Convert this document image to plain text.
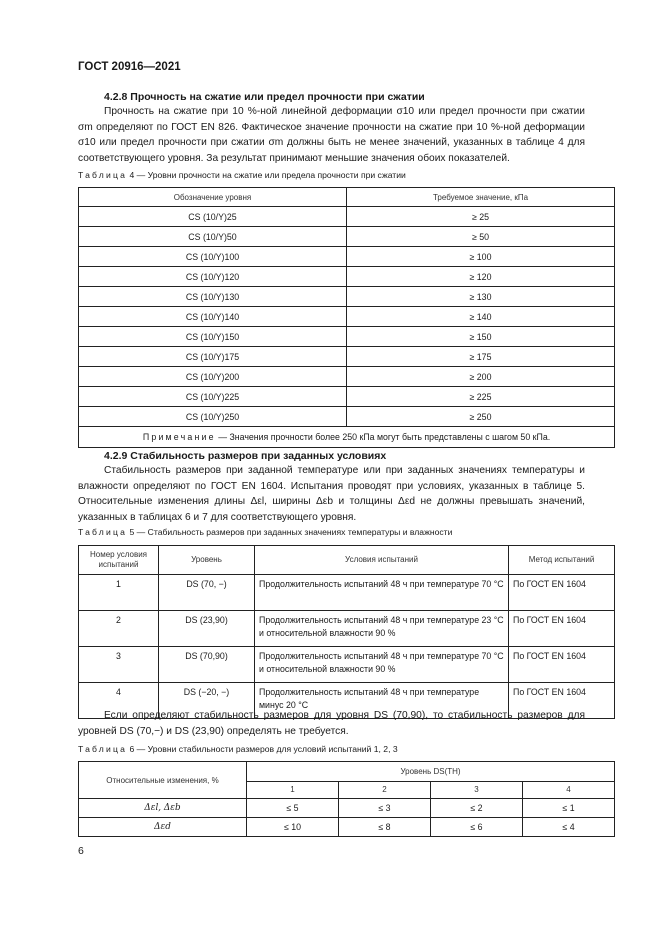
ГОСТ 20916—2021
4.2.8 Прочность на сжатие или предел прочности при сжатии
Прочность на сжатие при 10 %-ной линейной деформации σ10 или предел прочности при сжатии σm определяют по ГОСТ EN 826. Фактическое значение прочности на сжатие при 10 %-ной деформации σ10 или предел прочности при сжатии σm должны быть не менее значений, указанных в таблице 4 для соответствующего уровня. За результат принимают меньшие значения обоих показателей.
Таблица 4 — Уровни прочности на сжатие или предела прочности при сжатии
Обозначение уровня	Требуемое значение, кПа
CS (10/Y)25	≥ 25
CS (10/Y)50	≥ 50
CS (10/Y)100	≥ 100
CS (10/Y)120	≥ 120
CS (10/Y)130	≥ 130
CS (10/Y)140	≥ 140
CS (10/Y)150	≥ 150
CS (10/Y)175	≥ 175
CS (10/Y)200	≥ 200
CS (10/Y)225	≥ 225
CS (10/Y)250	≥ 250
Примечание — Значения прочности более 250 кПа могут быть представлены с шагом 50 кПа.	
4.2.9 Стабильность размеров при заданных условиях
Стабильность размеров при заданной температуре или при заданных значениях температуры и влажности определяют по ГОСТ EN 1604. Испытания проводят при условиях, указанных в таблице 5. Относительные изменения длины Δεl, ширины Δεb и толщины Δεd не должны превышать значений, указанных в таблицах 6 и 7 для соответствующего уровня.
Таблица 5 — Стабильность размеров при заданных значениях температуры и влажности
Номер условия испытаний	Уровень	Условия испытаний	Метод испытаний
1	DS (70, −)	Продолжительность испытаний 48 ч при температуре 70 °С	По ГОСТ EN 1604
2	DS (23,90)	Продолжительность испытаний 48 ч при температуре 23 °С и относительной влажности 90 %	По ГОСТ EN 1604
3	DS (70,90)	Продолжительность испытаний 48 ч при температуре 70 °С и относительной влажности 90 %	По ГОСТ EN 1604
4	DS (−20, −)	Продолжительность испытаний 48 ч при температуре минус 20 °С	По ГОСТ EN 1604
Если определяют стабильность размеров для уровня DS (70,90), то стабильность размеров для уровней DS (70,−) и DS (23,90) определять не требуется.
Таблица 6 — Уровни стабильности размеров для условий испытаний 1, 2, 3
Относительные изменения, %	Уровень DS(TH)			
	1	2	3	4
Δεl, Δεb	≤ 5	≤ 3	≤ 2	≤ 1
Δεd	≤ 10	≤ 8	≤ 6	≤ 4
6
